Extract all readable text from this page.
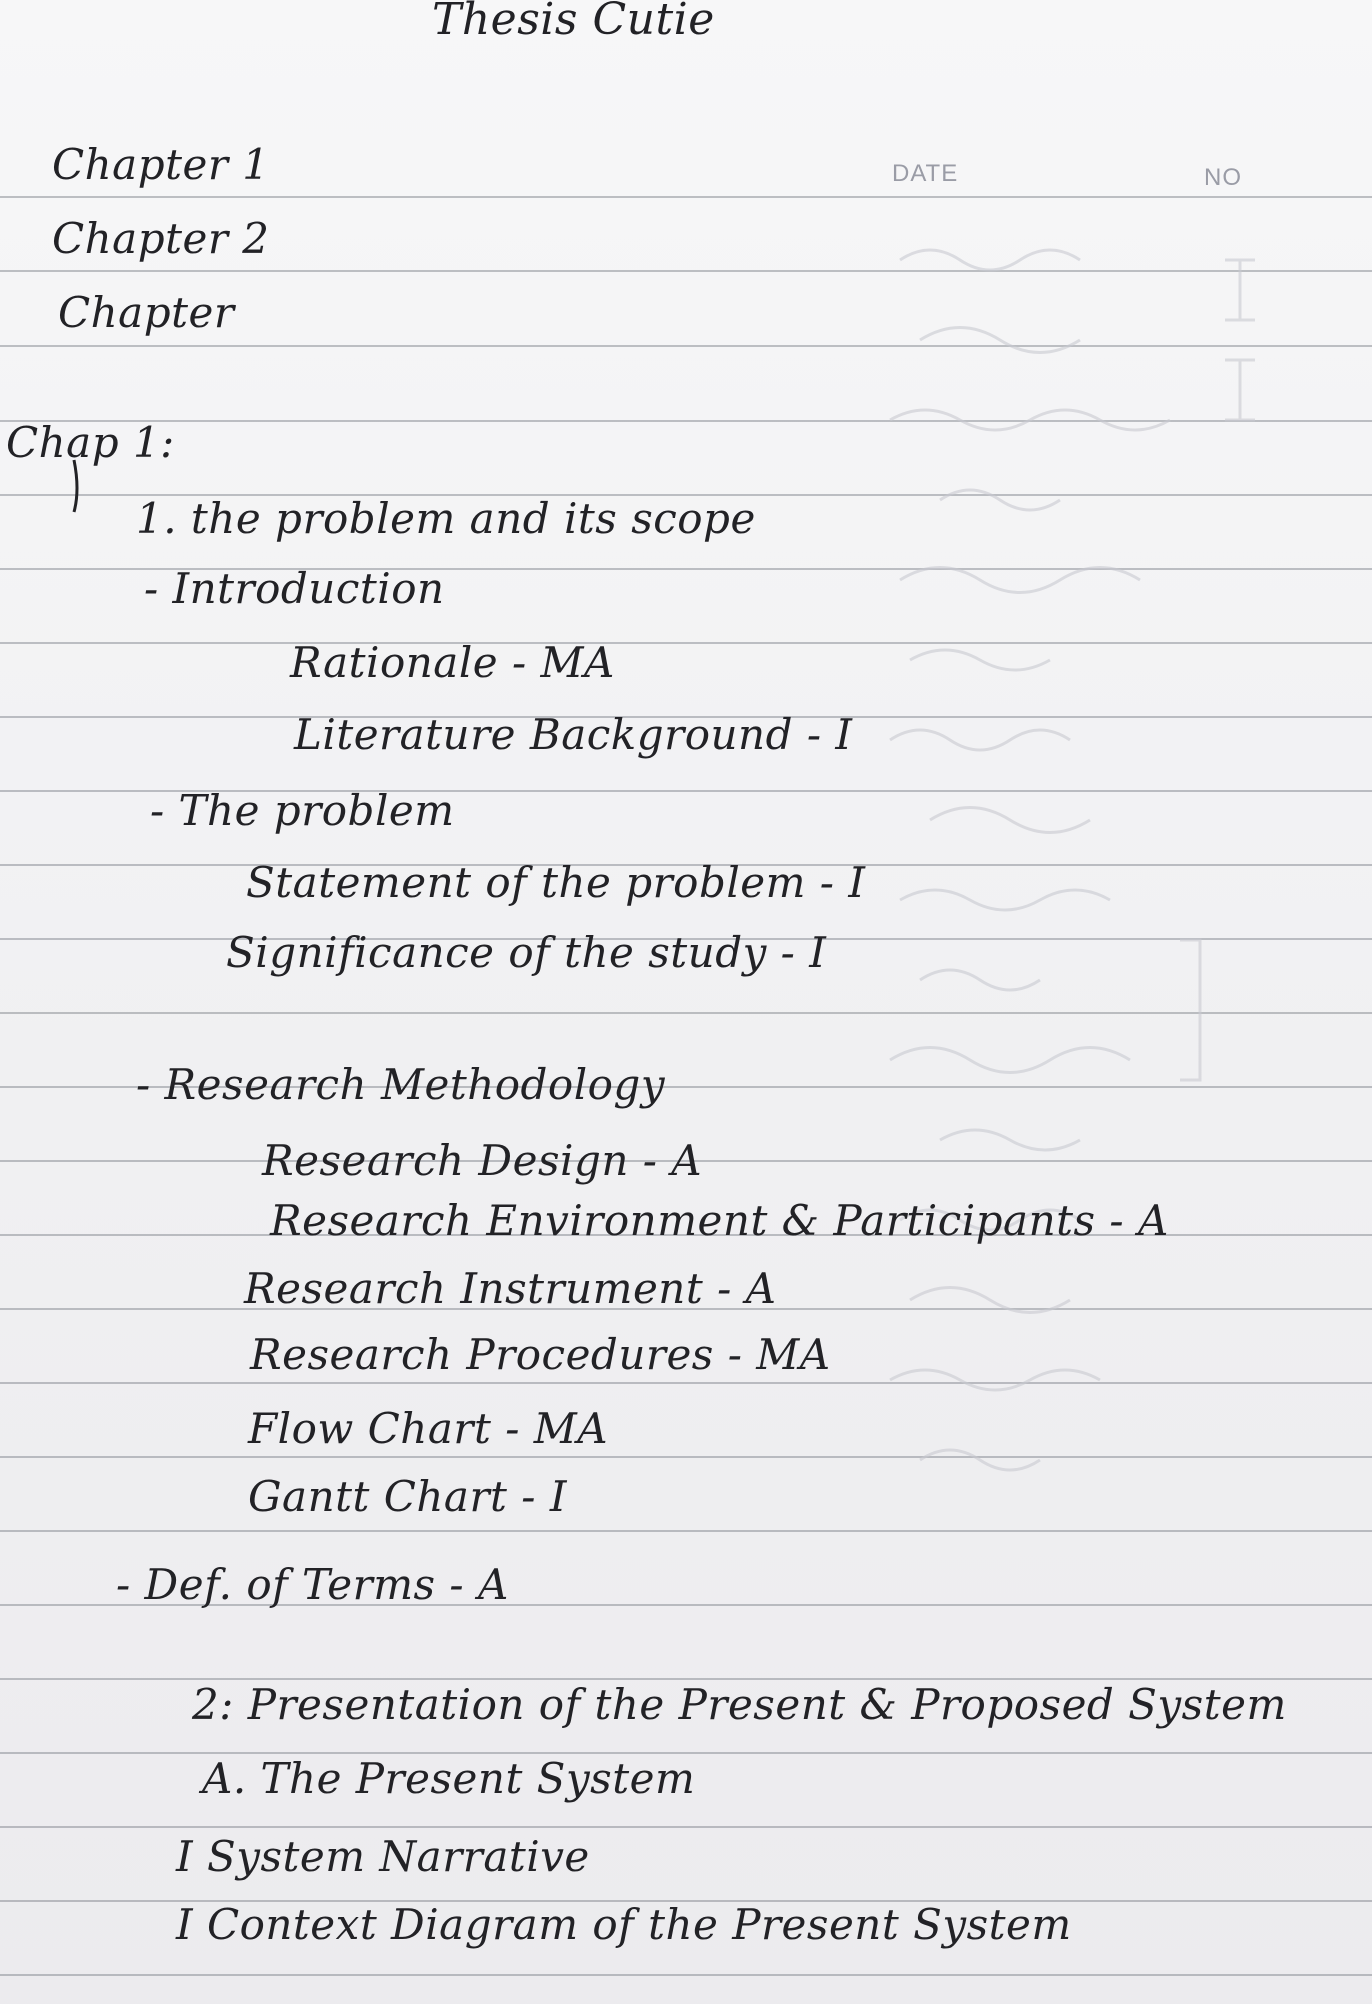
Thesis Cutie
DATE	NO
Chapter 1
Chapter 2
Chapter
Chap 1:
1. the problem and its scope
- Introduction
Rationale - MA
Literature Background - I
- The problem
Statement of the problem - I
Significance of the study - I
- Research Methodology
Research Design - A
Research Environment & Participants - A
Research Instrument - A
Research Procedures - MA
Flow Chart - MA
Gantt Chart - I
- Def. of Terms - A
2: Presentation of the Present & Proposed System
A. The Present System
I System Narrative
I Context Diagram of the Present System
